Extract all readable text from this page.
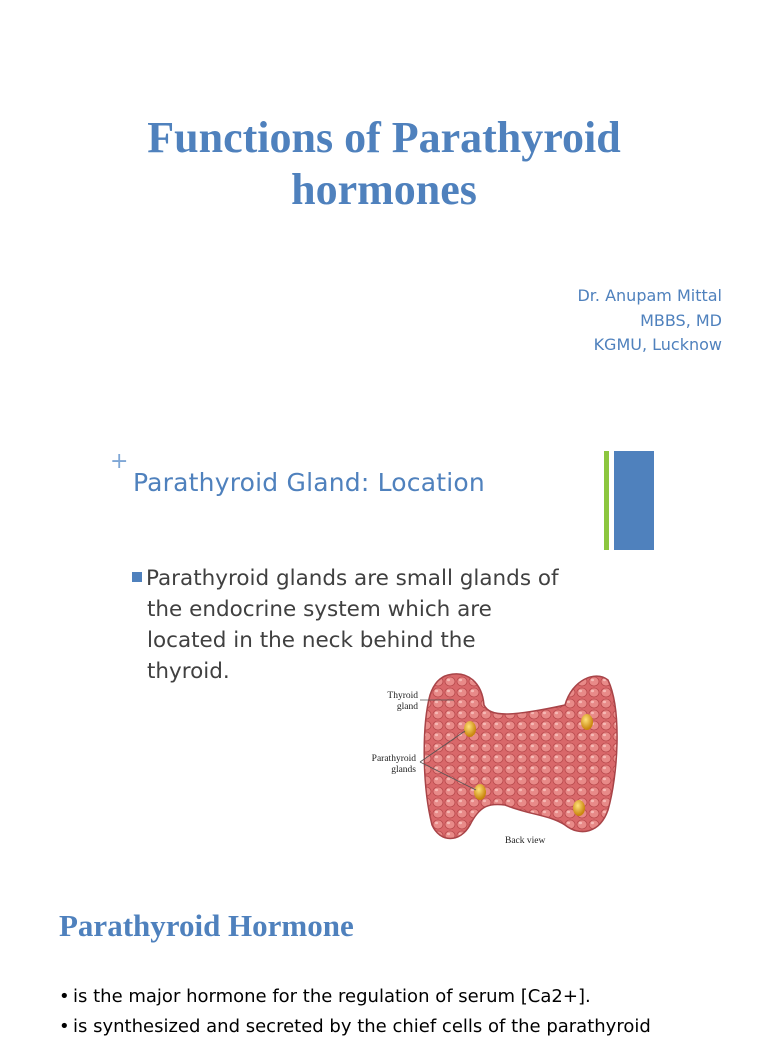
Functions of Parathyroid
hormones
Dr. Anupam Mittal
MBBS, MD
KGMU, Lucknow
+
Parathyroid Gland: Location
Parathyroid glands are small glands of
the endocrine system which are
located in the neck behind the
thyroid.
Thyroid
gland
Parathyroid
glands
Back view
Parathyroid Hormone
• is the major hormone for the regulation of serum [Ca2+].
• is synthesized and secreted by the chief cells of the parathyroid
